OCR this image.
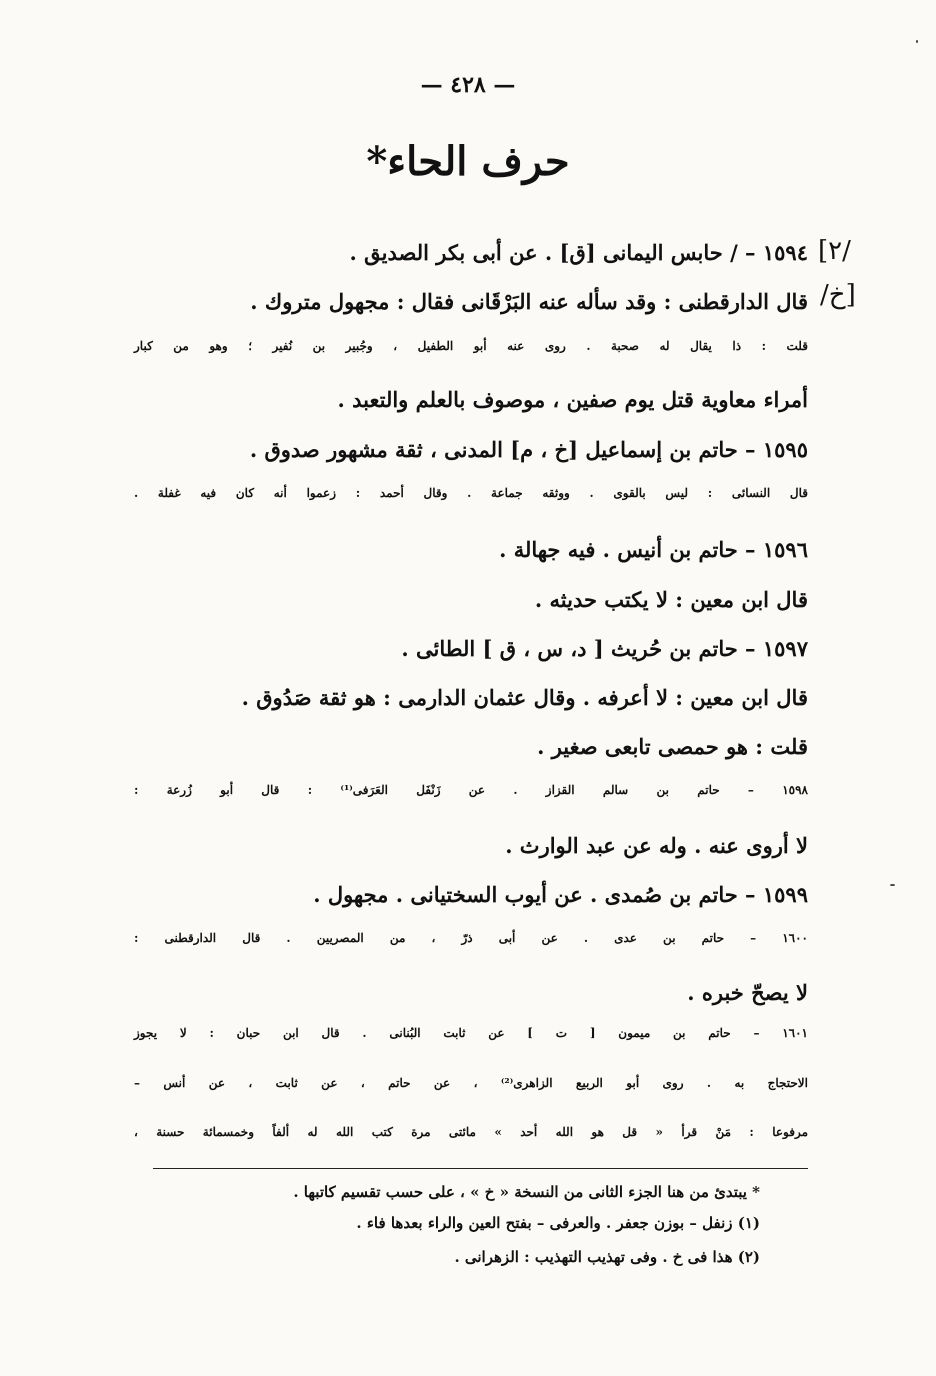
— ٤٢٨ —
حرف الحاء*
[٢/
/خ]
١٥٩٤ – / حابس اليمانى [ق] . عن أبى بكر الصديق .
قال الدارقطنى : وقد سأله عنه البَرْقَانى فقال : مجهول متروك .
قلت : ذا يقال له صحبة . روى عنه أبو الطفيل ، وجُبير بن نُفير ؛ وهو من كبار
أمراء معاوية قتل يوم صفين ، موصوف بالعلم والتعبد .
١٥٩٥ – حاتم بن إسماعيل [خ ، م] المدنى ، ثقة مشهور صدوق .
قال النسائى : ليس بالقوى . ووثقه جماعة . وقال أحمد : زعموا أنه كان فيه غفلة .
١٥٩٦ – حاتم بن أنيس . فيه جهالة .
قال ابن معين : لا يكتب حديثه .
١٥٩٧ – حاتم بن حُريث [ د، س ، ق ] الطائى .
قال ابن معين : لا أعرفه . وقال عثمان الدارمى : هو ثقة صَدُوق .
قلت : هو حمصى تابعى صغير .
١٥٩٨ – حاتم بن سالم القزاز . عن زَنْفَل العَرَفى⁽¹⁾ : قال أبو زُرعة :
لا أروى عنه . وله عن عبد الوارث .
١٥٩٩ – حاتم بن صُمدى . عن أيوب السختيانى . مجهول .
١٦٠٠ – حاتم بن عدى . عن أبى ذرّ ، من المصريين . قال الدارقطنى :
لا يصحّ خبره .
١٦٠١ – حاتم بن ميمون [ ت ] عن ثابت البُنانى . قال ابن حبان : لا يجوز
الاحتجاج به . روى أبو الربيع الزاهرى⁽²⁾ ، عن حاتم ، عن ثابت ، عن أنس –
مرفوعا : مَنْ قرأ « قل هو الله أحد » مائتى مرة كتب الله له ألفاً وخمسمائة حسنة ،
* يبتدئ من هنا الجزء الثانى من النسخة « خ » ، على حسب تقسيم كاتبها .
(١) زنفل – بوزن جعفر . والعرفى – بفتح العين والراء بعدها فاء .
(٢) هذا فى خ . وفى تهذيب التهذيب : الزهرانى .
